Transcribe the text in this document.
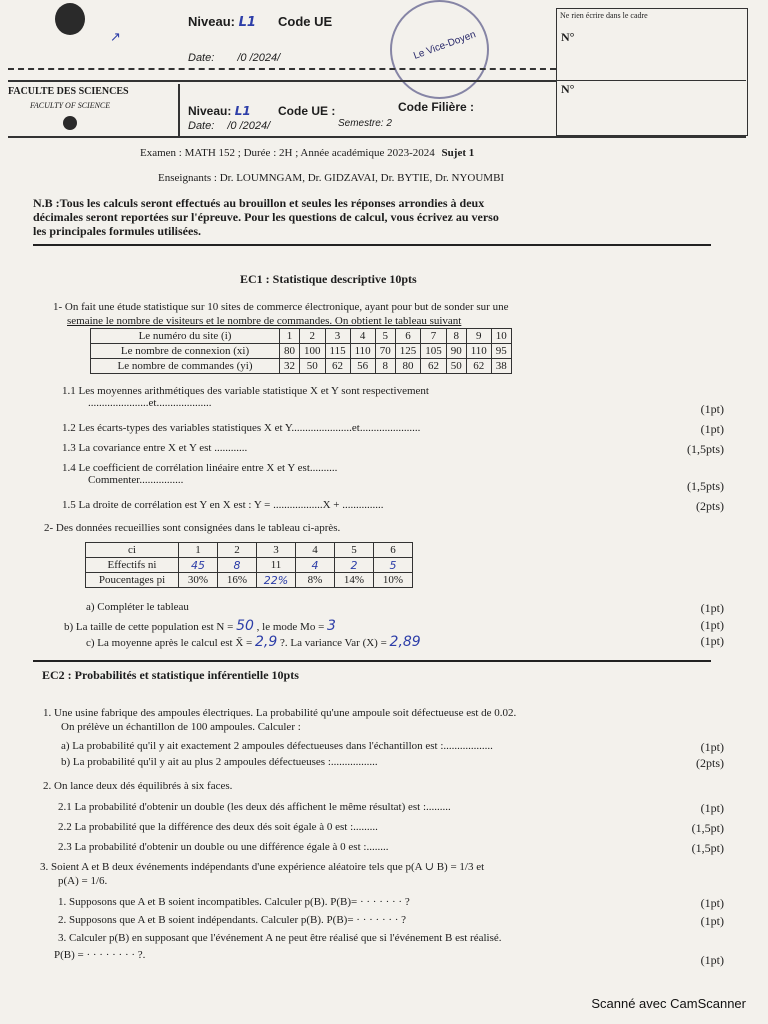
↗
Niveau: L1 Code UE
Date: /0 /2024/	Le Vice-Doyen
Ne rien écrire dans le cadre
N°
N°
FACULTE DES SCIENCES
FACULTY OF SCIENCE	Niveau: L1 Code UE :	Code Filière :
Date: /0 /2024/	Semestre: 2
Examen : MATH 152 ; Durée : 2H ; Année académique 2023-2024 Sujet 1
Enseignants : Dr. LOUMNGAM, Dr. GIDZAVAI, Dr. BYTIE, Dr. NYOUMBI
N.B :Tous les calculs seront effectués au brouillon et seules les réponses arrondies à deux
décimales seront reportées sur l'épreuve. Pour les questions de calcul, vous écrivez au verso
les principales formules utilisées.
EC1 : Statistique descriptive 10pts
1- On fait une étude statistique sur 10 sites de commerce électronique, ayant pour but de sonder sur une
semaine le nombre de visiteurs et le nombre de commandes. On obtient le tableau suivant
Le numéro du site (i)	1	2	3	4	5	6	7	8	9	10
Le nombre de connexion (xi)	80	100	115	110	70	125	105	90	110	95
Le nombre de commandes (yi)	32	50	62	56	8	80	62	50	62	38
1.1 Les moyennes arithmétiques des variable statistique X et Y sont respectivement
......................et....................	(1pt)
1.2 Les écarts-types des variables statistiques X et Y......................et......................	(1pt)
1.3 La covariance entre X et Y est ............	(1,5pts)
1.4 Le coefficient de corrélation linéaire entre X et Y est..........
Commenter................	(1,5pts)
1.5 La droite de corrélation est Y en X est : Y = ..................X + ...............	(2pts)
2- Des données recueillies sont consignées dans le tableau ci-après.
ci	1	2	3	4	5	6
Effectifs ni	45	8	11	4	2	5
Poucentages pi	30%	16%	22%	8%	14%	10%
a) Compléter le tableau	(1pt)
b) La taille de cette population est N = 50 , le mode Mo = 3	(1pt)
c) La moyenne après le calcul est X̄ = 2,9 ?. La variance Var (X) = 2,89	(1pt)
EC2 : Probabilités et statistique inférentielle 10pts
1. Une usine fabrique des ampoules électriques. La probabilité qu'une ampoule soit défectueuse est de 0.02.
On prélève un échantillon de 100 ampoules. Calculer :
a) La probabilité qu'il y ait exactement 2 ampoules défectueuses dans l'échantillon est :..................	(1pt)
b) La probabilité qu'il y ait au plus 2 ampoules défectueuses :.................	(2pts)
2. On lance deux dés équilibrés à six faces.
2.1 La probabilité d'obtenir un double (les deux dés affichent le même résultat) est :.........	(1pt)
2.2 La probabilité que la différence des deux dés soit égale à 0 est :.........	(1,5pt)
2.3 La probabilité d'obtenir un double ou une différence égale à 0 est :........	(1,5pt)
3. Soient A et B deux événements indépendants d'une expérience aléatoire tels que p(A ∪ B) = 1/3 et
p(A) = 1/6.
1. Supposons que A et B soient incompatibles. Calculer p(B). P(B)= · · · · · · · ?	(1pt)
2. Supposons que A et B soient indépendants. Calculer p(B). P(B)= · · · · · · · ?	(1pt)
3. Calculer p(B) en supposant que l'événement A ne peut être réalisé que si l'événement B est réalisé.
P(B) = · · · · · · · · ?.	(1pt)
Scanné avec CamScanner
